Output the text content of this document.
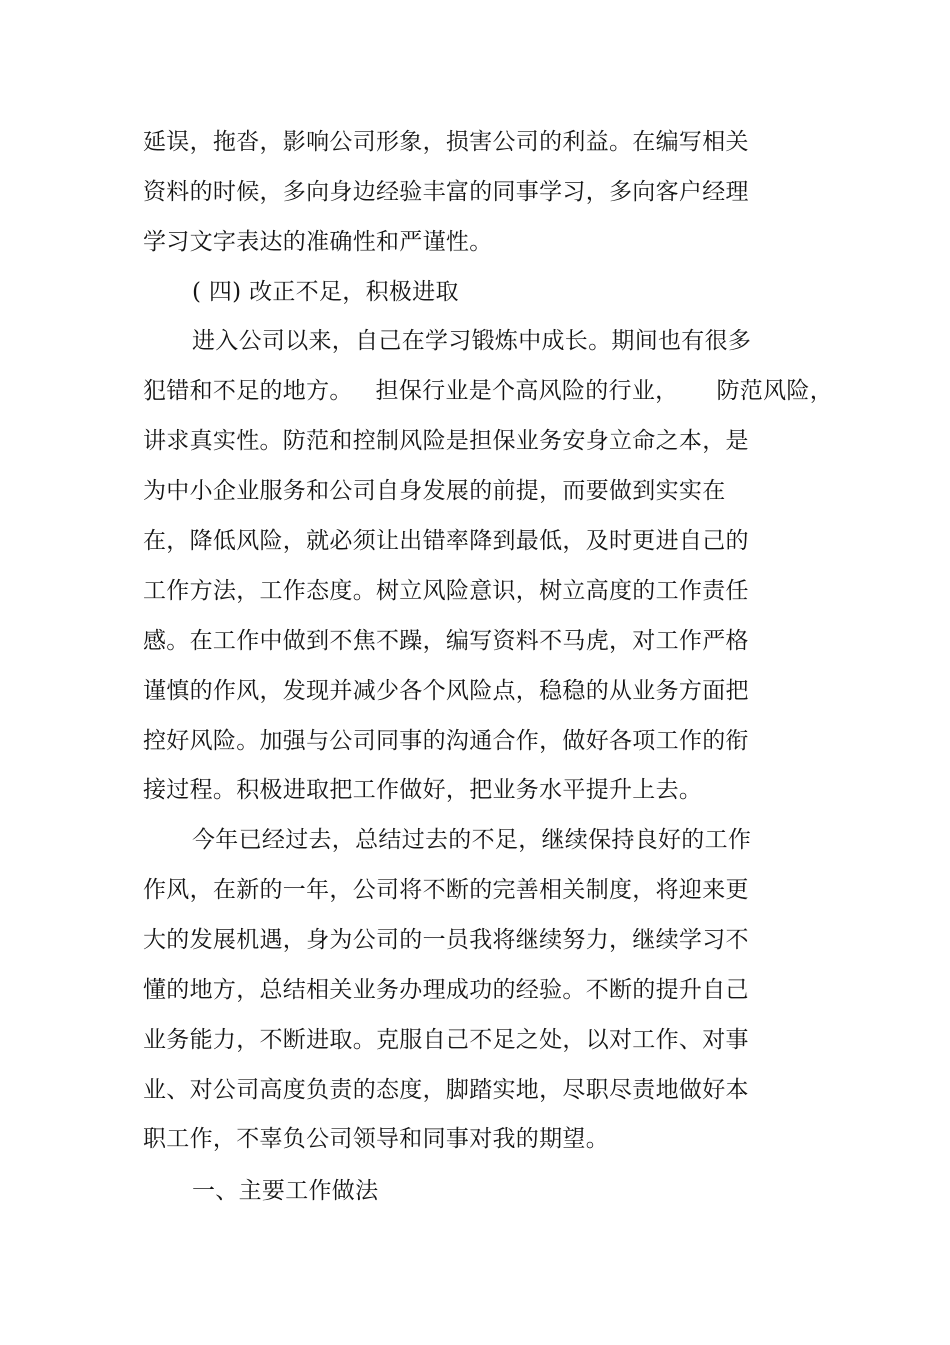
延误，拖沓，影响公司形象，损害公司的利益。在编写相关
资料的时候，多向身边经验丰富的同事学习，多向客户经理
学习文字表达的准确性和严谨性。
( 四) 改正不足，积极进取
进入公司以来，自己在学习锻炼中成长。期间也有很多
犯错和不足的地方。   担保行业是个高风险的行业，     防范风险，
讲求真实性。防范和控制风险是担保业务安身立命之本，是
为中小企业服务和公司自身发展的前提，而要做到实实在
在，降低风险，就必须让出错率降到最低，及时更进自己的
工作方法，工作态度。树立风险意识，树立高度的工作责任
感。在工作中做到不焦不躁，编写资料不马虎，对工作严格
谨慎的作风，发现并减少各个风险点，稳稳的从业务方面把
控好风险。加强与公司同事的沟通合作，做好各项工作的衔
接过程。积极进取把工作做好，把业务水平提升上去。
今年已经过去，总结过去的不足，继续保持良好的工作
作风，在新的一年，公司将不断的完善相关制度，将迎来更
大的发展机遇，身为公司的一员我将继续努力，继续学习不
懂的地方，总结相关业务办理成功的经验。不断的提升自己
业务能力，不断进取。克服自己不足之处，以对工作、对事
业、对公司高度负责的态度，脚踏实地，尽职尽责地做好本
职工作，不辜负公司领导和同事对我的期望。
一、主要工作做法
